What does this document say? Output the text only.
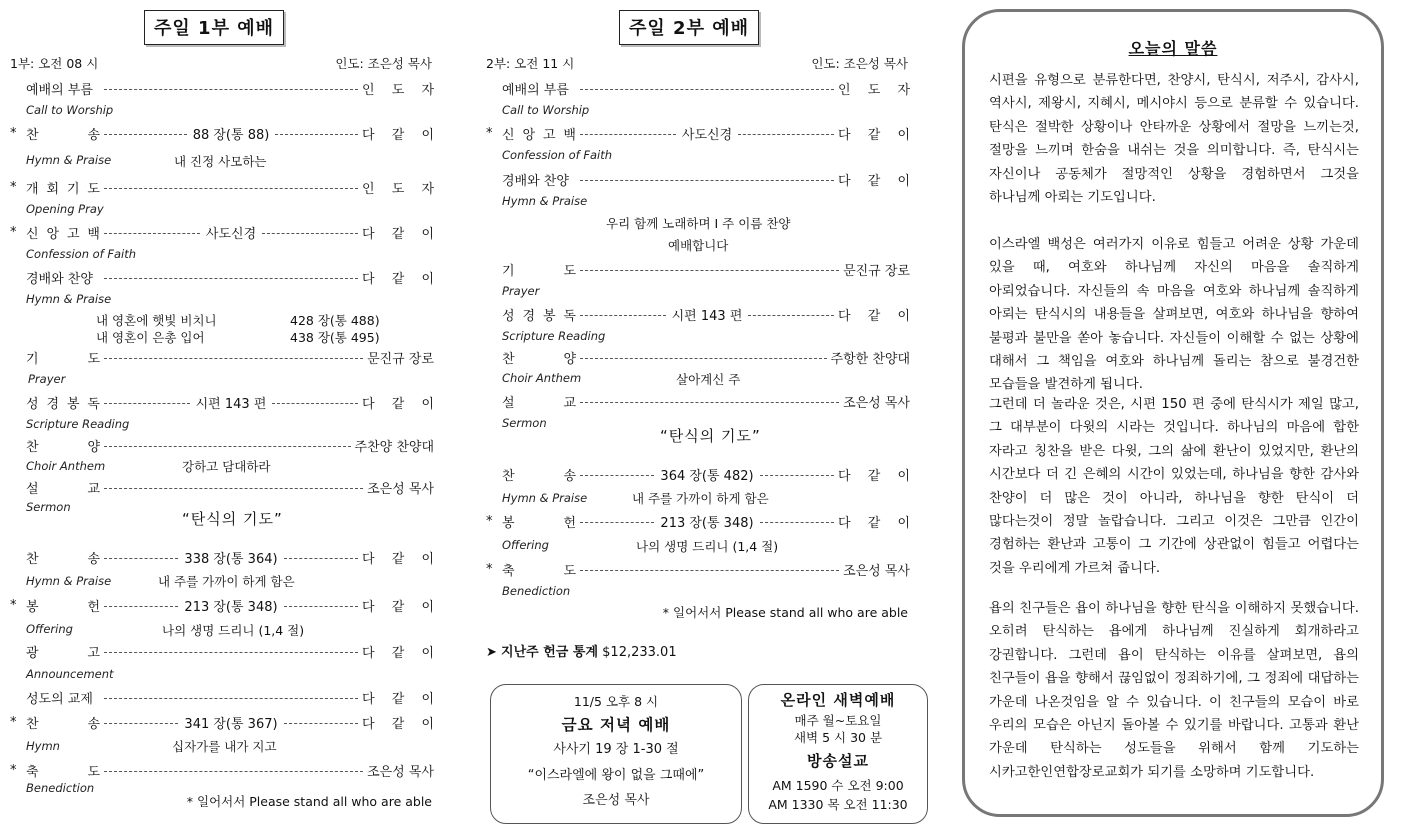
주일 1부 예배
1부: 오전 08 시	인도: 조은성 목사
예배의 부름	인 도 자
Call to Worship
* 찬	송	88 장(통 88)	다 같 이
Hymn & Praise	내 진정 사모하는
* 개 회 기 도	인 도 자
Opening Pray
* 신 앙 고 백	사도신경	다 같 이
Confession of Faith
경배와 찬양	다 같 이
Hymn & Praise
내 영혼에 햇빛 비치니	428 장(통 488)
내 영혼이 은총 입어	438 장(통 495)
기	도	문진규 장로
Prayer
성 경 봉 독	시편 143 편	다 같 이
Scripture Reading
찬	양	주찬양 찬양대
Choir Anthem	강하고 담대하라
설	교	조은성 목사
Sermon
“탄식의 기도”
찬	송	338 장(통 364)	다 같 이
Hymn & Praise	내 주를 가까이 하게 함은
* 봉	헌	213 장(통 348)	다 같 이
Offering	나의 생명 드리니 (1,4 절)
광	고	다 같 이
Announcement
성도의 교제	다 같 이
* 찬	송	341 장(통 367)	다 같 이
Hymn	십자가를 내가 지고
* 축	도	조은성 목사
Benediction
* 일어서서 Please stand all who are able
주일 2부 예배
2부: 오전 11 시	인도: 조은성 목사
예배의 부름	인 도 자
Call to Worship
* 신 앙 고 백	사도신경	다 같 이
Confession of Faith
경배와 찬양	다 같 이
Hymn & Praise
우리 함께 노래하며 I 주 이름 찬양
예배합니다
기	도	문진규 장로
Prayer
성 경 봉 독	시편 143 편	다 같 이
Scripture Reading
찬	양	주항한 찬양대
Choir Anthem	살아계신 주
설	교	조은성 목사
Sermon
“탄식의 기도”
찬	송	364 장(통 482)	다 같 이
Hymn & Praise	내 주를 가까이 하게 함은
* 봉	헌	213 장(통 348)	다 같 이
Offering	나의 생명 드리니 (1,4 절)
* 축	도	조은성 목사
Benediction
* 일어서서 Please stand all who are able
➤ 지난주 헌금 통계 $12,233.01
11/5 오후 8 시
금요 저녁 예배
사사기 19 장 1-30 절
“이스라엘에 왕이 없을 그때에”
조은성 목사
온라인 새벽예배
매주 월~토요일
새벽 5 시 30 분
방송설교
AM 1590 수 오전 9:00
AM 1330 목 오전 11:30
오늘의 말씀
시편을 유형으로 분류한다면, 찬양시, 탄식시, 저주시, 감사시, 역사시, 제왕시, 지혜시, 메시야시 등으로 분류할 수 있습니다. 탄식은 절박한 상황이나 안타까운 상황에서 절망을 느끼는것, 절망을 느끼며 한숨을 내쉬는 것을 의미합니다. 즉, 탄식시는 자신이나 공동체가 절망적인 상황을 경험하면서 그것을 하나님께 아뢰는 기도입니다.
이스라엘 백성은 여러가지 이유로 힘들고 어려운 상황 가운데 있을 때, 여호와 하나님께 자신의 마음을 솔직하게 아뢰었습니다. 자신들의 속 마음을 여호와 하나님께 솔직하게 아뢰는 탄식시의 내용들을 살펴보면, 여호와 하나님을 향하여 불평과 불만을 쏟아 놓습니다. 자신들이 이해할 수 없는 상황에 대해서 그 책임을 여호와 하나님께 돌리는 참으로 불경건한 모습들을 발견하게 됩니다.
그런데 더 놀라운 것은, 시편 150 편 중에 탄식시가 제일 많고, 그 대부분이 다윗의 시라는 것입니다. 하나님의 마음에 합한 자라고 칭찬을 받은 다윗, 그의 삶에 환난이 있었지만, 환난의 시간보다 더 긴 은혜의 시간이 있었는데, 하나님을 향한 감사와 찬양이 더 많은 것이 아니라, 하나님을 향한 탄식이 더 많다는것이 정말 놀랍습니다. 그리고 이것은 그만큼 인간이 경험하는 환난과 고통이 그 기간에 상관없이 힘들고 어렵다는 것을 우리에게 가르쳐 줍니다.
욥의 친구들은 욥이 하나님을 향한 탄식을 이해하지 못했습니다. 오히려 탄식하는 욥에게 하나님께 진실하게 회개하라고 강권합니다. 그런데 욥이 탄식하는 이유를 살펴보면, 욥의 친구들이 욥을 향해서 끊임없이 정죄하기에, 그 정죄에 대답하는 가운데 나온것임을 알 수 있습니다. 이 친구들의 모습이 바로 우리의 모습은 아닌지 돌아볼 수 있기를 바랍니다. 고통과 환난 가운데 탄식하는 성도들을 위해서 함께 기도하는 시카고한인연합장로교회가 되기를 소망하며 기도합니다.
